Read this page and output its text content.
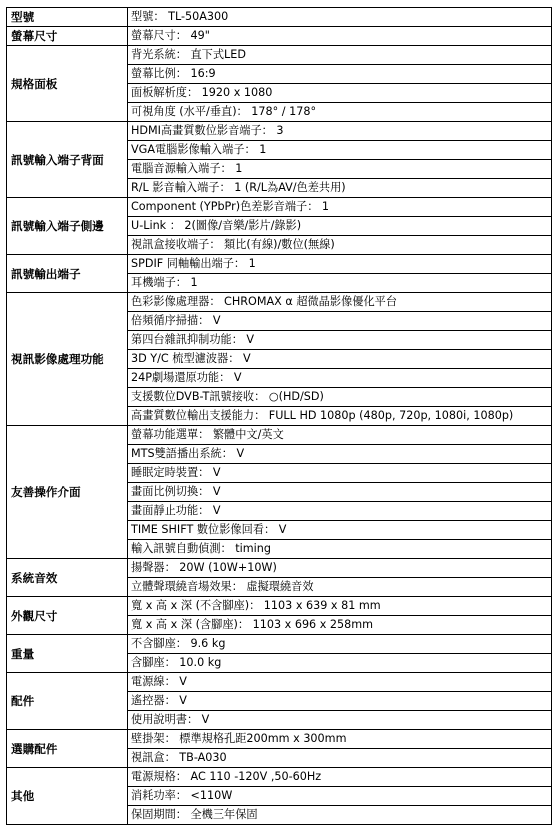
型號	型號： TL-50A300
螢幕尺寸	螢幕尺寸： 49"
規格面板	背光系統： 直下式LED
	螢幕比例： 16:9
	面板解析度： 1920 x 1080
	可視角度 (水平/垂直)： 178° / 178°
訊號輸入端子背面	HDMI高畫質數位影音端子： 3
	VGA電腦影像輸入端子： 1
	電腦音源輸入端子： 1
	R/L 影音輸入端子： 1 (R/L為AV/色差共用)
訊號輸入端子側邊	Component (YPbPr)色差影音端子： 1
	U-Link ： 2(圖像/音樂/影片/錄影)
	視訊盒接收端子： 類比(有線)/數位(無線)
訊號輸出端子	SPDIF 同軸輸出端子： 1
	耳機端子： 1
視訊影像處理功能	色彩影像處理器： CHROMAX α 超微晶影像優化平台
	倍頻循序掃描： V
	第四台雜訊抑制功能： V
	3D Y/C 梳型濾波器： V
	24P劇場還原功能： V
	支援數位DVB-T訊號接收： ○(HD/SD)
	高畫質數位輸出支援能力： FULL HD 1080p (480p, 720p, 1080i, 1080p)
友善操作介面	螢幕功能選單： 繁體中文/英文
	MTS雙語播出系統： V
	睡眠定時裝置： V
	畫面比例切換： V
	畫面靜止功能： V
	TIME SHIFT 數位影像回看： V
	輸入訊號自動偵測： timing
系統音效	揚聲器： 20W (10W+10W)
	立體聲環繞音場效果： 虛擬環繞音效
外觀尺寸	寬 x 高 x 深 (不含腳座)： 1103 x 639 x 81 mm
	寬 x 高 x 深 (含腳座)： 1103 x 696 x 258mm
重量	不含腳座： 9.6 kg
	含腳座： 10.0 kg
配件	電源線： V
	遙控器： V
	使用說明書： V
選購配件	壁掛架： 標準規格孔距200mm x 300mm
	視訊盒： TB-A030
其他	電源規格： AC 110 -120V ,50-60Hz
	消耗功率： <110W
	保固期間： 全機三年保固
